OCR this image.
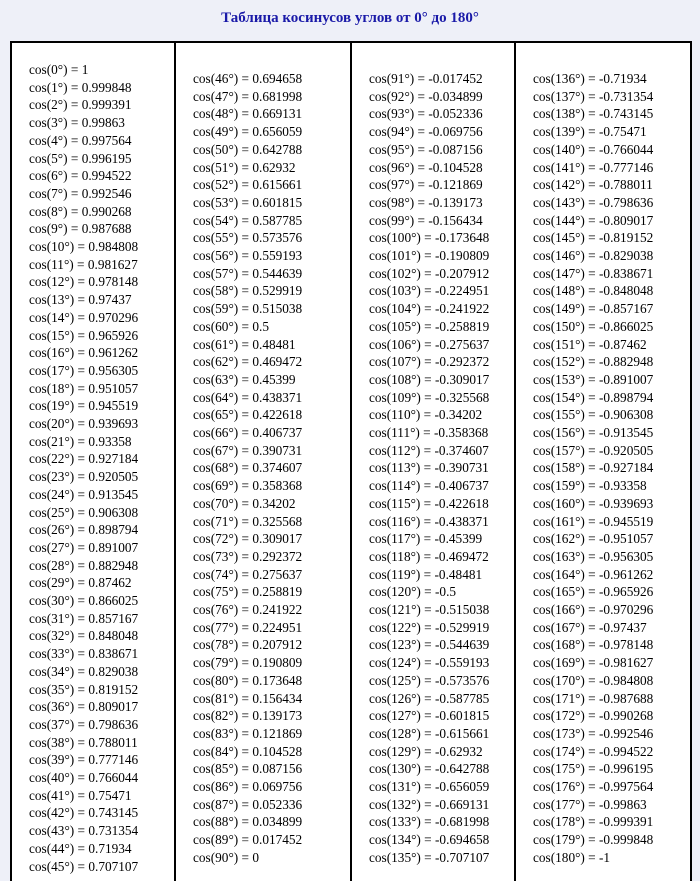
Таблица косинусов углов от 0° до 180°
cos(0°) = 1
cos(1°) = 0.999848
cos(2°) = 0.999391
cos(3°) = 0.99863
cos(4°) = 0.997564
cos(5°) = 0.996195
cos(6°) = 0.994522
cos(7°) = 0.992546
cos(8°) = 0.990268
cos(9°) = 0.987688
cos(10°) = 0.984808
cos(11°) = 0.981627
cos(12°) = 0.978148
cos(13°) = 0.97437
cos(14°) = 0.970296
cos(15°) = 0.965926
cos(16°) = 0.961262
cos(17°) = 0.956305
cos(18°) = 0.951057
cos(19°) = 0.945519
cos(20°) = 0.939693
cos(21°) = 0.93358
cos(22°) = 0.927184
cos(23°) = 0.920505
cos(24°) = 0.913545
cos(25°) = 0.906308
cos(26°) = 0.898794
cos(27°) = 0.891007
cos(28°) = 0.882948
cos(29°) = 0.87462
cos(30°) = 0.866025
cos(31°) = 0.857167
cos(32°) = 0.848048
cos(33°) = 0.838671
cos(34°) = 0.829038
cos(35°) = 0.819152
cos(36°) = 0.809017
cos(37°) = 0.798636
cos(38°) = 0.788011
cos(39°) = 0.777146
cos(40°) = 0.766044
cos(41°) = 0.75471
cos(42°) = 0.743145
cos(43°) = 0.731354
cos(44°) = 0.71934
cos(45°) = 0.707107
cos(46°) = 0.694658
cos(47°) = 0.681998
cos(48°) = 0.669131
cos(49°) = 0.656059
cos(50°) = 0.642788
cos(51°) = 0.62932
cos(52°) = 0.615661
cos(53°) = 0.601815
cos(54°) = 0.587785
cos(55°) = 0.573576
cos(56°) = 0.559193
cos(57°) = 0.544639
cos(58°) = 0.529919
cos(59°) = 0.515038
cos(60°) = 0.5
cos(61°) = 0.48481
cos(62°) = 0.469472
cos(63°) = 0.45399
cos(64°) = 0.438371
cos(65°) = 0.422618
cos(66°) = 0.406737
cos(67°) = 0.390731
cos(68°) = 0.374607
cos(69°) = 0.358368
cos(70°) = 0.34202
cos(71°) = 0.325568
cos(72°) = 0.309017
cos(73°) = 0.292372
cos(74°) = 0.275637
cos(75°) = 0.258819
cos(76°) = 0.241922
cos(77°) = 0.224951
cos(78°) = 0.207912
cos(79°) = 0.190809
cos(80°) = 0.173648
cos(81°) = 0.156434
cos(82°) = 0.139173
cos(83°) = 0.121869
cos(84°) = 0.104528
cos(85°) = 0.087156
cos(86°) = 0.069756
cos(87°) = 0.052336
cos(88°) = 0.034899
cos(89°) = 0.017452
cos(90°) = 0
cos(91°) = -0.017452
cos(92°) = -0.034899
cos(93°) = -0.052336
cos(94°) = -0.069756
cos(95°) = -0.087156
cos(96°) = -0.104528
cos(97°) = -0.121869
cos(98°) = -0.139173
cos(99°) = -0.156434
cos(100°) = -0.173648
cos(101°) = -0.190809
cos(102°) = -0.207912
cos(103°) = -0.224951
cos(104°) = -0.241922
cos(105°) = -0.258819
cos(106°) = -0.275637
cos(107°) = -0.292372
cos(108°) = -0.309017
cos(109°) = -0.325568
cos(110°) = -0.34202
cos(111°) = -0.358368
cos(112°) = -0.374607
cos(113°) = -0.390731
cos(114°) = -0.406737
cos(115°) = -0.422618
cos(116°) = -0.438371
cos(117°) = -0.45399
cos(118°) = -0.469472
cos(119°) = -0.48481
cos(120°) = -0.5
cos(121°) = -0.515038
cos(122°) = -0.529919
cos(123°) = -0.544639
cos(124°) = -0.559193
cos(125°) = -0.573576
cos(126°) = -0.587785
cos(127°) = -0.601815
cos(128°) = -0.615661
cos(129°) = -0.62932
cos(130°) = -0.642788
cos(131°) = -0.656059
cos(132°) = -0.669131
cos(133°) = -0.681998
cos(134°) = -0.694658
cos(135°) = -0.707107
cos(136°) = -0.71934
cos(137°) = -0.731354
cos(138°) = -0.743145
cos(139°) = -0.75471
cos(140°) = -0.766044
cos(141°) = -0.777146
cos(142°) = -0.788011
cos(143°) = -0.798636
cos(144°) = -0.809017
cos(145°) = -0.819152
cos(146°) = -0.829038
cos(147°) = -0.838671
cos(148°) = -0.848048
cos(149°) = -0.857167
cos(150°) = -0.866025
cos(151°) = -0.87462
cos(152°) = -0.882948
cos(153°) = -0.891007
cos(154°) = -0.898794
cos(155°) = -0.906308
cos(156°) = -0.913545
cos(157°) = -0.920505
cos(158°) = -0.927184
cos(159°) = -0.93358
cos(160°) = -0.939693
cos(161°) = -0.945519
cos(162°) = -0.951057
cos(163°) = -0.956305
cos(164°) = -0.961262
cos(165°) = -0.965926
cos(166°) = -0.970296
cos(167°) = -0.97437
cos(168°) = -0.978148
cos(169°) = -0.981627
cos(170°) = -0.984808
cos(171°) = -0.987688
cos(172°) = -0.990268
cos(173°) = -0.992546
cos(174°) = -0.994522
cos(175°) = -0.996195
cos(176°) = -0.997564
cos(177°) = -0.99863
cos(178°) = -0.999391
cos(179°) = -0.999848
cos(180°) = -1
